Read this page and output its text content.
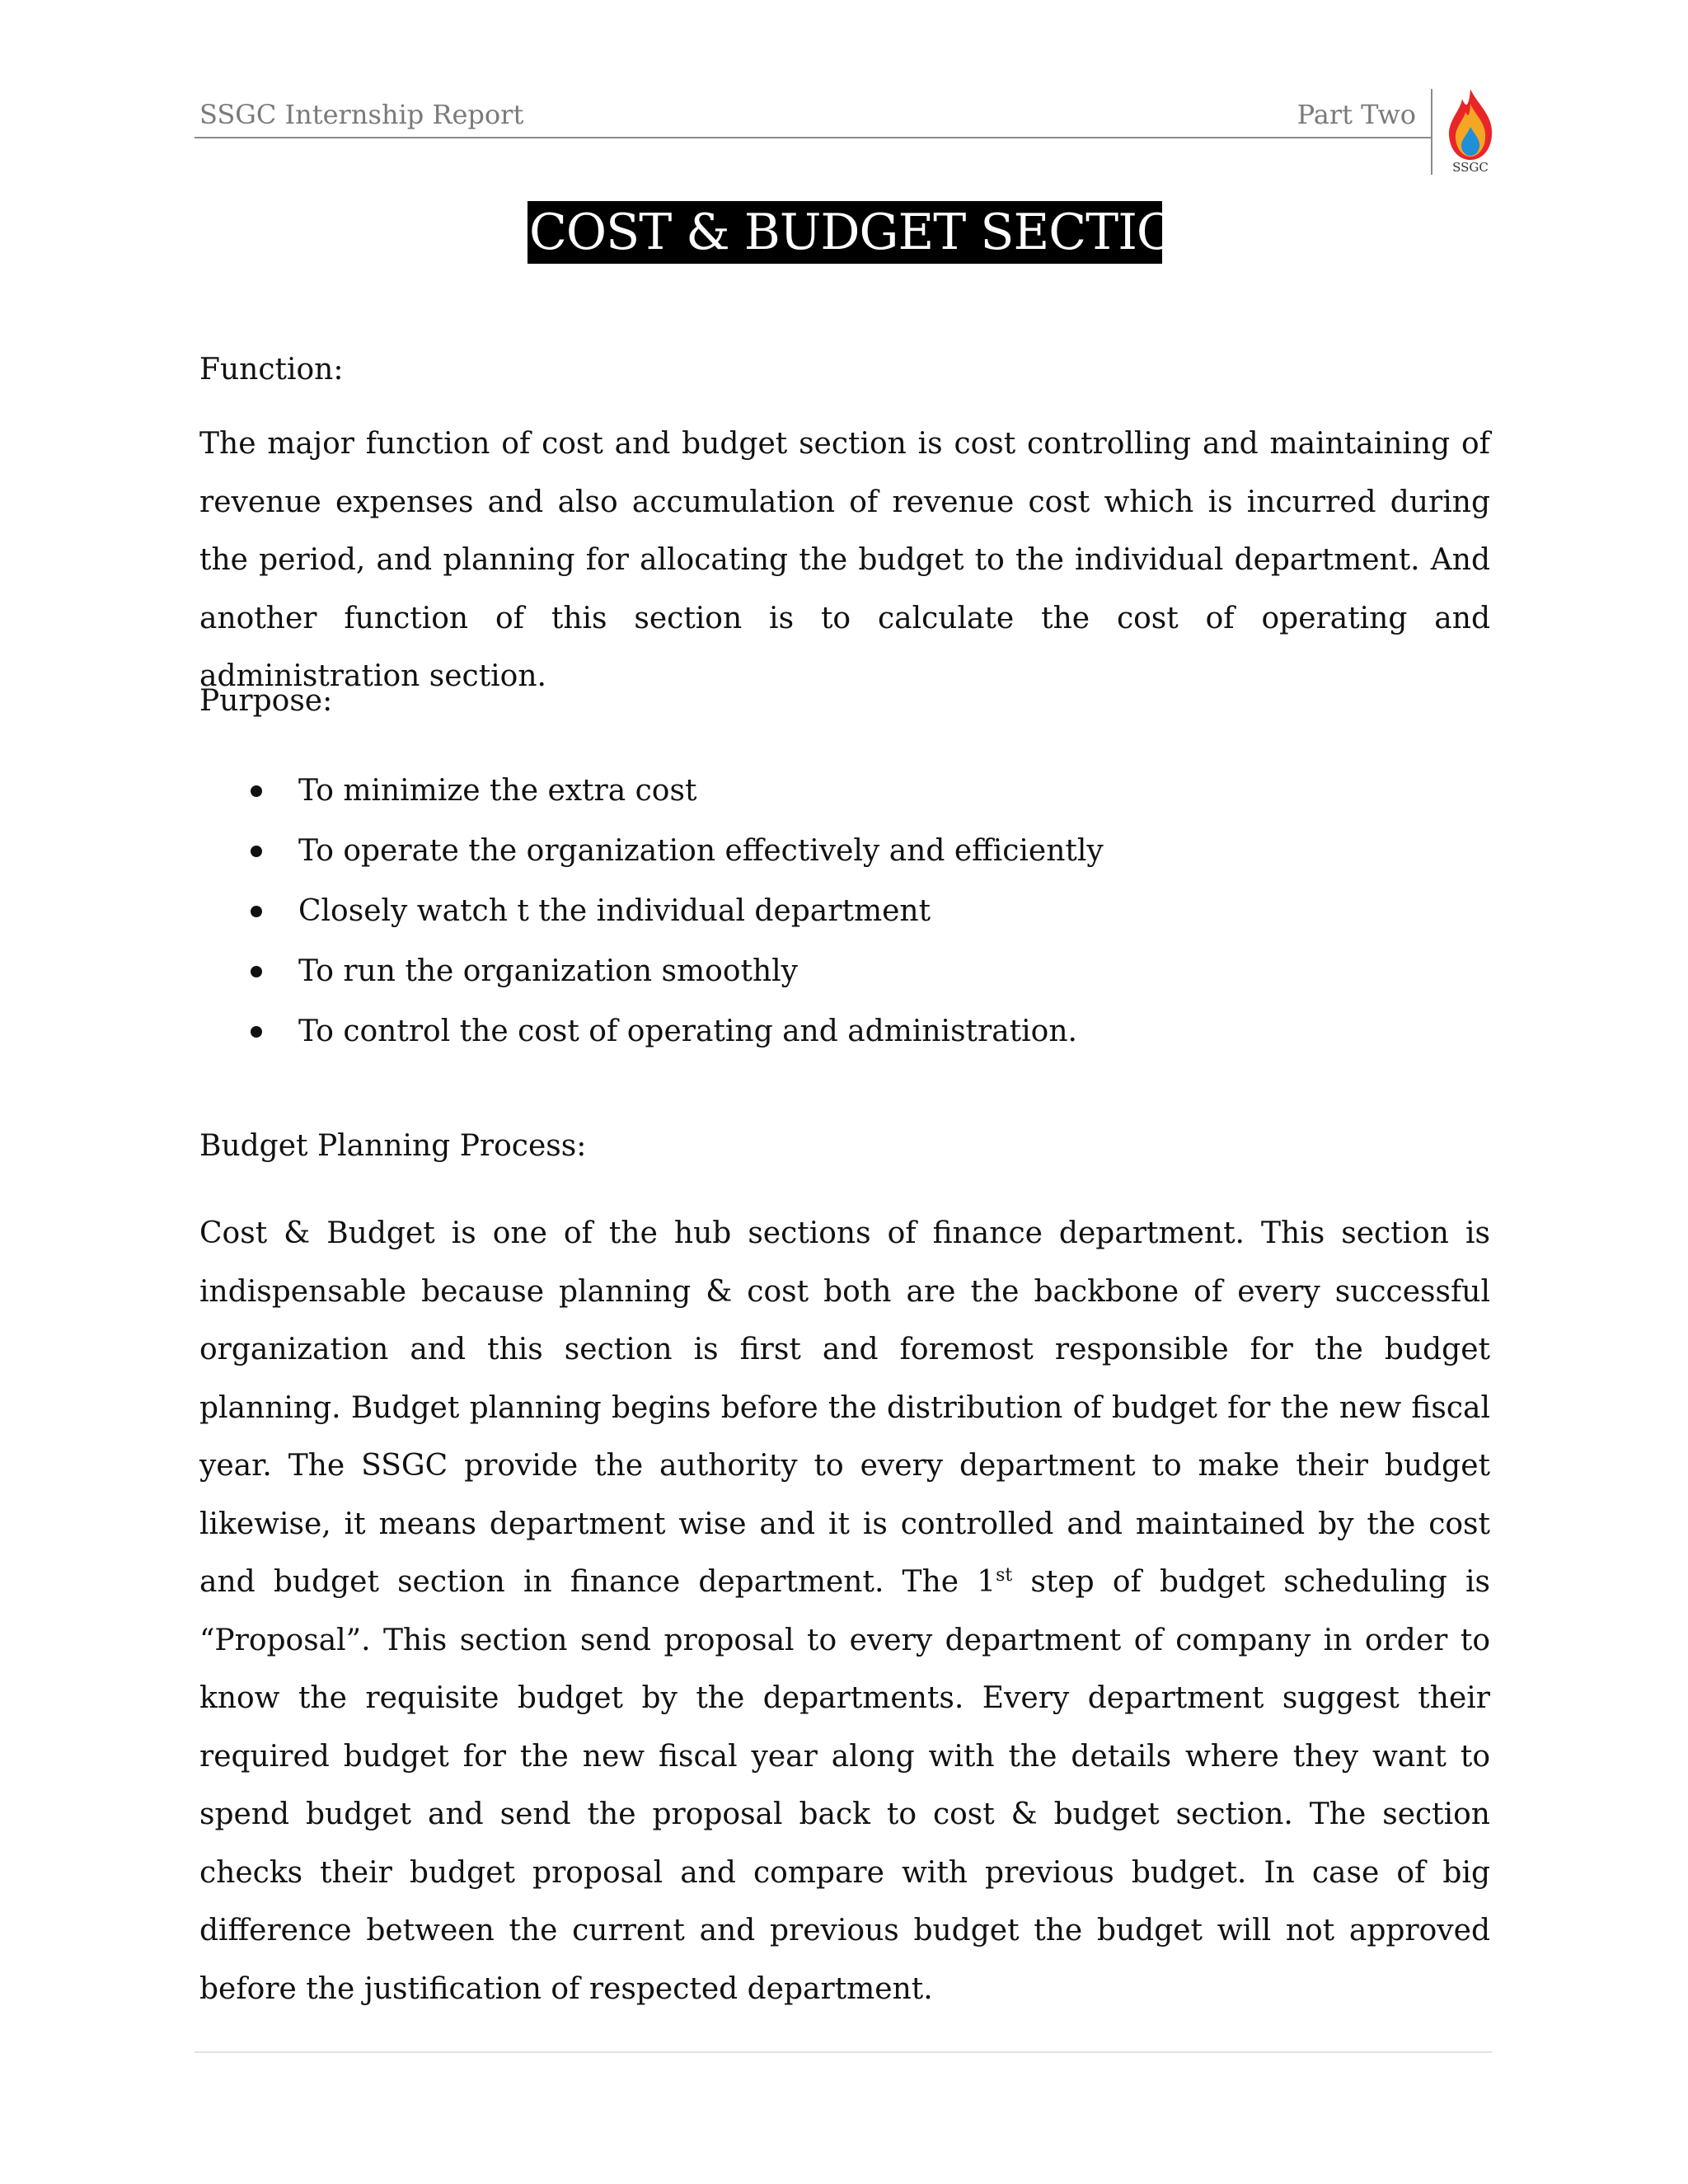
SSGC Internship Report	Part Two
SSGC
COST & BUDGET SECTION
Function:
The major function of cost and budget section is cost controlling and maintaining of revenue expenses and also accumulation of revenue cost which is incurred during the period, and planning for allocating the budget to the individual department. And another function of this section is to calculate the cost of operating and administration section.
Purpose:
To minimize the extra cost
To operate the organization effectively and efficiently
Closely watch t the individual department
To run the organization smoothly
To control the cost of operating and administration.
Budget Planning Process:
Cost & Budget is one of the hub sections of finance department. This section is indispensable because planning & cost both are the backbone of every successful organization and this section is first and foremost responsible for the budget planning. Budget planning begins before the distribution of budget for the new fiscal year. The SSGC provide the authority to every department to make their budget likewise, it means department wise and it is controlled and maintained by the cost and budget section in finance department. The 1st step of budget scheduling is “Proposal”. This section send proposal to every department of company in order to know the requisite budget by the departments. Every department suggest their required budget for the new fiscal year along with the details where they want to spend budget and send the proposal back to cost & budget section. The section checks their budget proposal and compare with previous budget. In case of big difference between the current and previous budget the budget will not approved before the justification of respected department.
